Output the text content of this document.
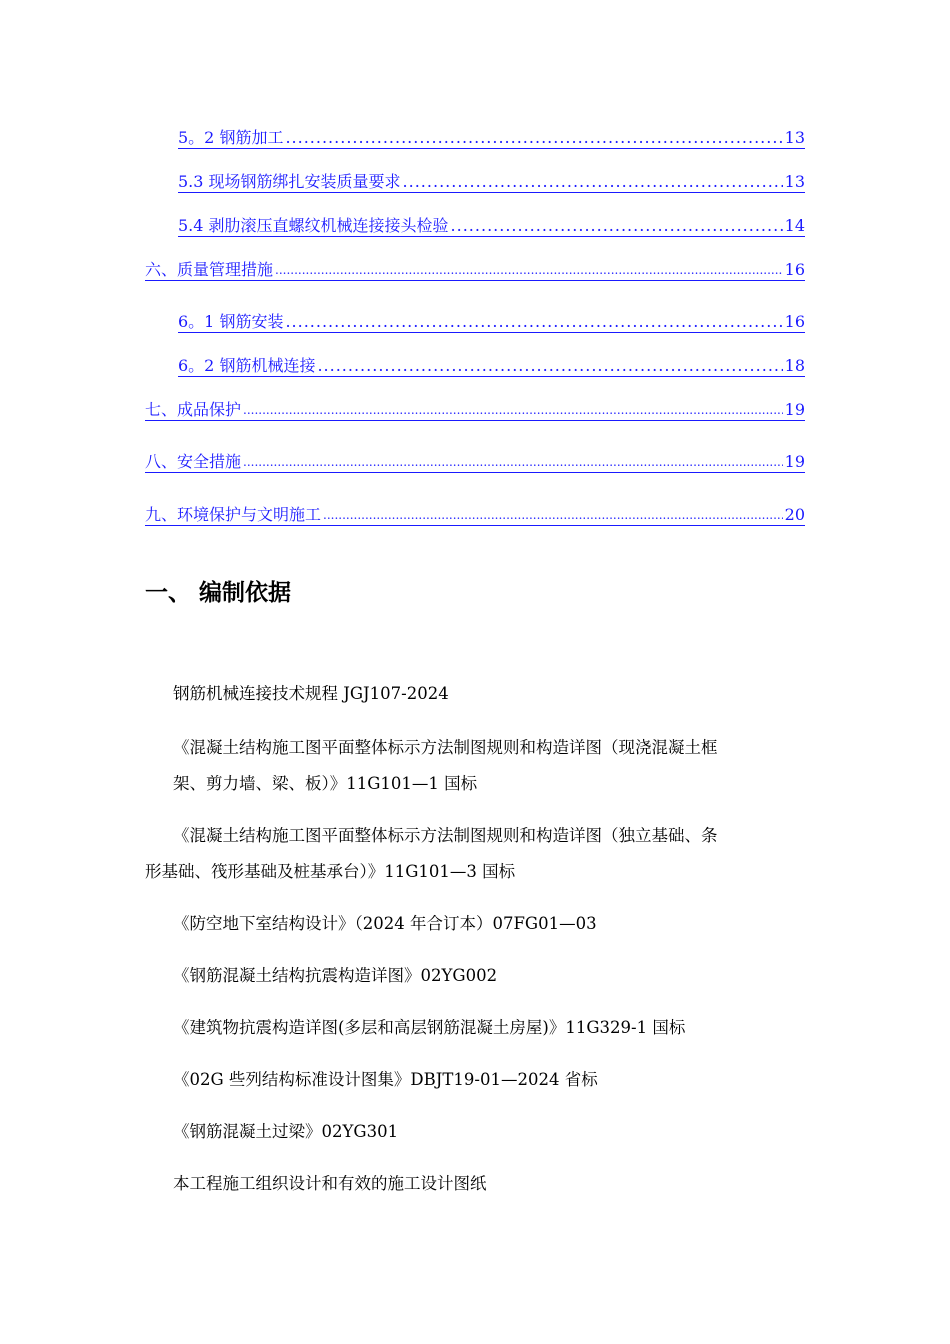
5。2 钢筋加工 .....	13
5.3 现场钢筋绑扎安装质量要求 .....	13
5.4 剥肋滚压直螺纹机械连接接头检验 .....	14
六、质量管理措施 .....	16
6。1 钢筋安装 .....	16
6。2 钢筋机械连接 .....	18
七、成品保护 .....	19
八、安全措施 .....	19
九、环境保护与文明施工 .....	20
一、 编制依据
钢筋机械连接技术规程 JGJ107-2024
《混凝土结构施工图平面整体标示方法制图规则和构造详图（现浇混凝土框
架、剪力墙、梁、板）》11G101—1 国标
《混凝土结构施工图平面整体标示方法制图规则和构造详图（独立基础、条
形基础、筏形基础及桩基承台）》11G101—3 国标
《防空地下室结构设计》（2024 年合订本）07FG01—03
《钢筋混凝土结构抗震构造详图》02YG002
《建筑物抗震构造详图(多层和高层钢筋混凝土房屋)》11G329-1 国标
《02G 些列结构标准设计图集》DBJT19-01—2024 省标
《钢筋混凝土过梁》02YG301
本工程施工组织设计和有效的施工设计图纸
